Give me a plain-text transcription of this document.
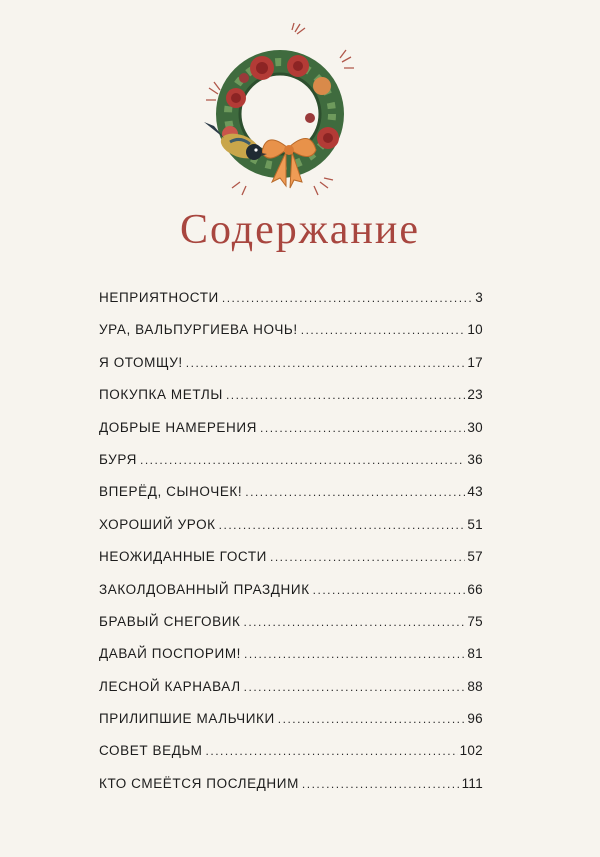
Содержание
НЕПРИЯТНОСТИ .....	3
УРА, ВАЛЬПУРГИЕВА НОЧЬ! .....	10
Я ОТОМЩУ! .....	17
ПОКУПКА МЕТЛЫ .....	23
ДОБРЫЕ НАМЕРЕНИЯ .....	30
БУРЯ .....	36
ВПЕРЁД, СЫНОЧЕК! .....	43
ХОРОШИЙ УРОК .....	51
НЕОЖИДАННЫЕ ГОСТИ .....	57
ЗАКОЛДОВАННЫЙ ПРАЗДНИК .....	66
БРАВЫЙ СНЕГОВИК .....	75
ДАВАЙ ПОСПОРИМ! .....	81
ЛЕСНОЙ КАРНАВАЛ .....	88
ПРИЛИПШИЕ МАЛЬЧИКИ .....	96
СОВЕТ ВЕДЬМ .....	102
КТО СМЕЁТСЯ ПОСЛЕДНИМ .....	111
